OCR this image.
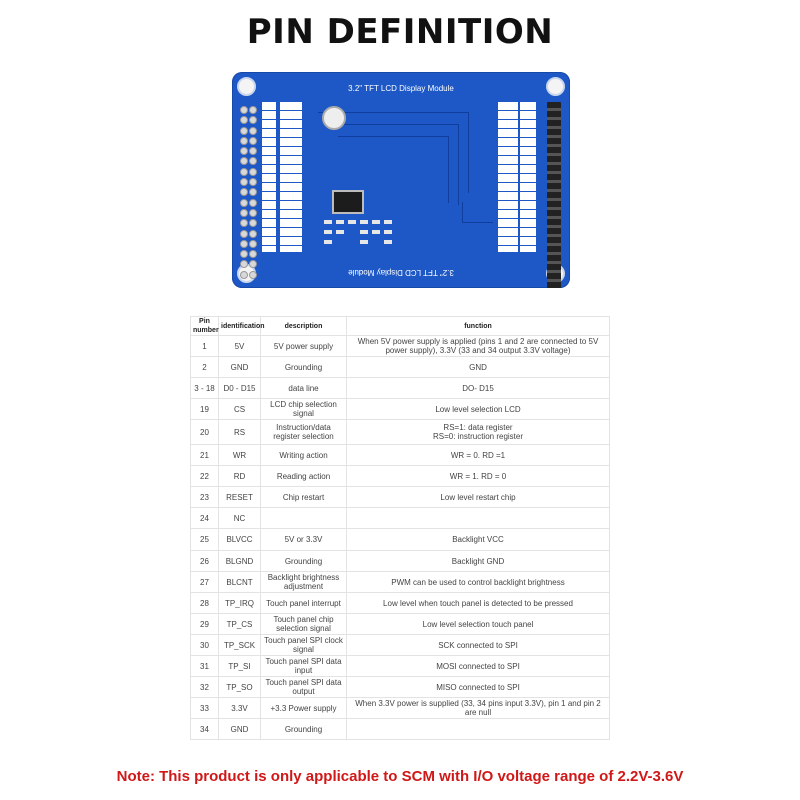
PIN DEFINITION
3.2" TFT LCD Display Module
3.2" TFT LCD Display Module
Pin number	identification	description	function
1	5V	5V power supply	When 5V power supply is applied (pins 1 and 2 are connected to 5V power supply), 3.3V (33 and 34 output 3.3V voltage)
2	GND	Grounding	GND
3 - 18	D0 - D15	data line	DO- D15
19	CS	LCD chip selection signal	Low level selection LCD
20	RS	Instruction/data register selection	RS=1: data register
RS=0: instruction register
21	WR	Writing action	WR = 0. RD =1
22	RD	Reading action	WR = 1. RD = 0
23	RESET	Chip restart	Low level restart chip
24	NC		
25	BLVCC	5V or 3.3V	Backlight VCC
26	BLGND	Grounding	Backlight GND
27	BLCNT	Backlight brightness adjustment	PWM can be used to control backlight brightness
28	TP_IRQ	Touch panel interrupt	Low level when touch panel is detected to be pressed
29	TP_CS	Touch panel chip selection signal	Low level selection touch panel
30	TP_SCK	Touch panel SPI clock signal	SCK connected to SPI
31	TP_SI	Touch panel SPI data input	MOSI connected to SPI
32	TP_SO	Touch panel SPI data output	MISO connected to SPI
33	3.3V	+3.3 Power supply	When 3.3V power is supplied (33, 34 pins input 3.3V), pin 1 and pin 2 are null
34	GND	Grounding	
Note: This product is only applicable to SCM with I/O voltage range of 2.2V-3.6V
